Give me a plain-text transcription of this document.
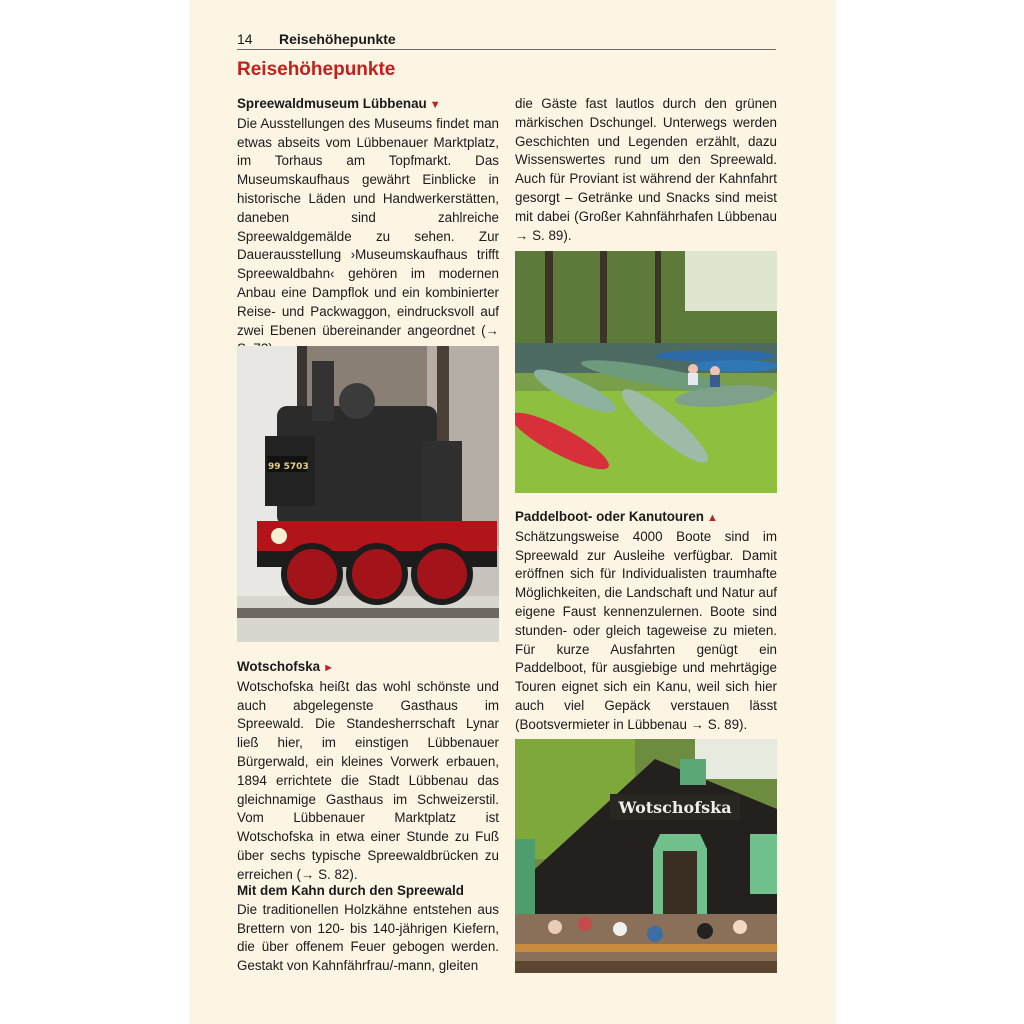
14 Reisehöhepunkte
Reisehöhepunkte
Spreewaldmuseum Lübbenau ▼

Die Ausstellungen des Museums findet man etwas abseits vom Lübbenauer Marktplatz, im Torhaus am Topfmarkt. Das Museumskaufhaus gewährt Einblicke in historische Läden und Handwerkerstätten, daneben sind zahlreiche Spreewaldgemälde zu sehen. Zur Dauerausstellung ›Museumskaufhaus trifft Spreewaldbahn‹ gehören im modernen Anbau eine Dampflok und ein kombinierter Reise- und Packwaggon, eindrucksvoll auf zwei Ebenen übereinander angeordnet (→

99 5703
Wotschofska ►

Wotschofska heißt das wohl schönste und auch abgelegenste Gasthaus im Spreewald. Die Standesherrschaft Lynar ließ hier, im einstigen Lübbenauer Bürgerwald, ein kleines Vorwerk erbauen, 1894 errichtete die Stadt Lübbenau das gleichnamige Gasthaus im Schweizerstil. Vom Lübbenauer Marktplatz ist Wotschofska in etwa einer Stunde zu Fuß über sechs typische Spreewaldbrücken zu erreichen (→ S. 82).

Mit dem Kahn durch den Spreewald

Die traditionellen Holzkähne entstehen aus Brettern von 120- bis 140-jährigen Kiefern, die über offenem Feuer gebogen werden. Gestakt von Kahnfährfrau/-mann, gleiten

die Gäste fast lautlos durch den grünen märkischen Dschungel. Unterwegs werden Geschichten und Legenden erzählt, dazu Wissenswertes rund um den Spreewald. Auch für Proviant ist während der Kahnfahrt gesorgt – Getränke und Snacks sind meist mit dabei (Großer Kahnfährhafen Lübbenau → S. 89).

Paddelboot- oder Kanutouren ▲

Schätzungsweise 4000 Boote sind im Spreewald zur Ausleihe verfügbar. Damit eröffnen sich für Individualisten traumhafte Möglichkeiten, die Landschaft und Natur auf eigene Faust kennenzulernen. Boote sind stunden- oder gleich tageweise zu mieten. Für kurze Ausfahrten genügt ein Paddelboot, für ausgiebige und mehrtägige Touren eignet sich ein Kanu, weil sich hier auch viel Gepäck verstauen lässt (Bootsvermieter in Lübbenau → S. 89).

Wotschofska
